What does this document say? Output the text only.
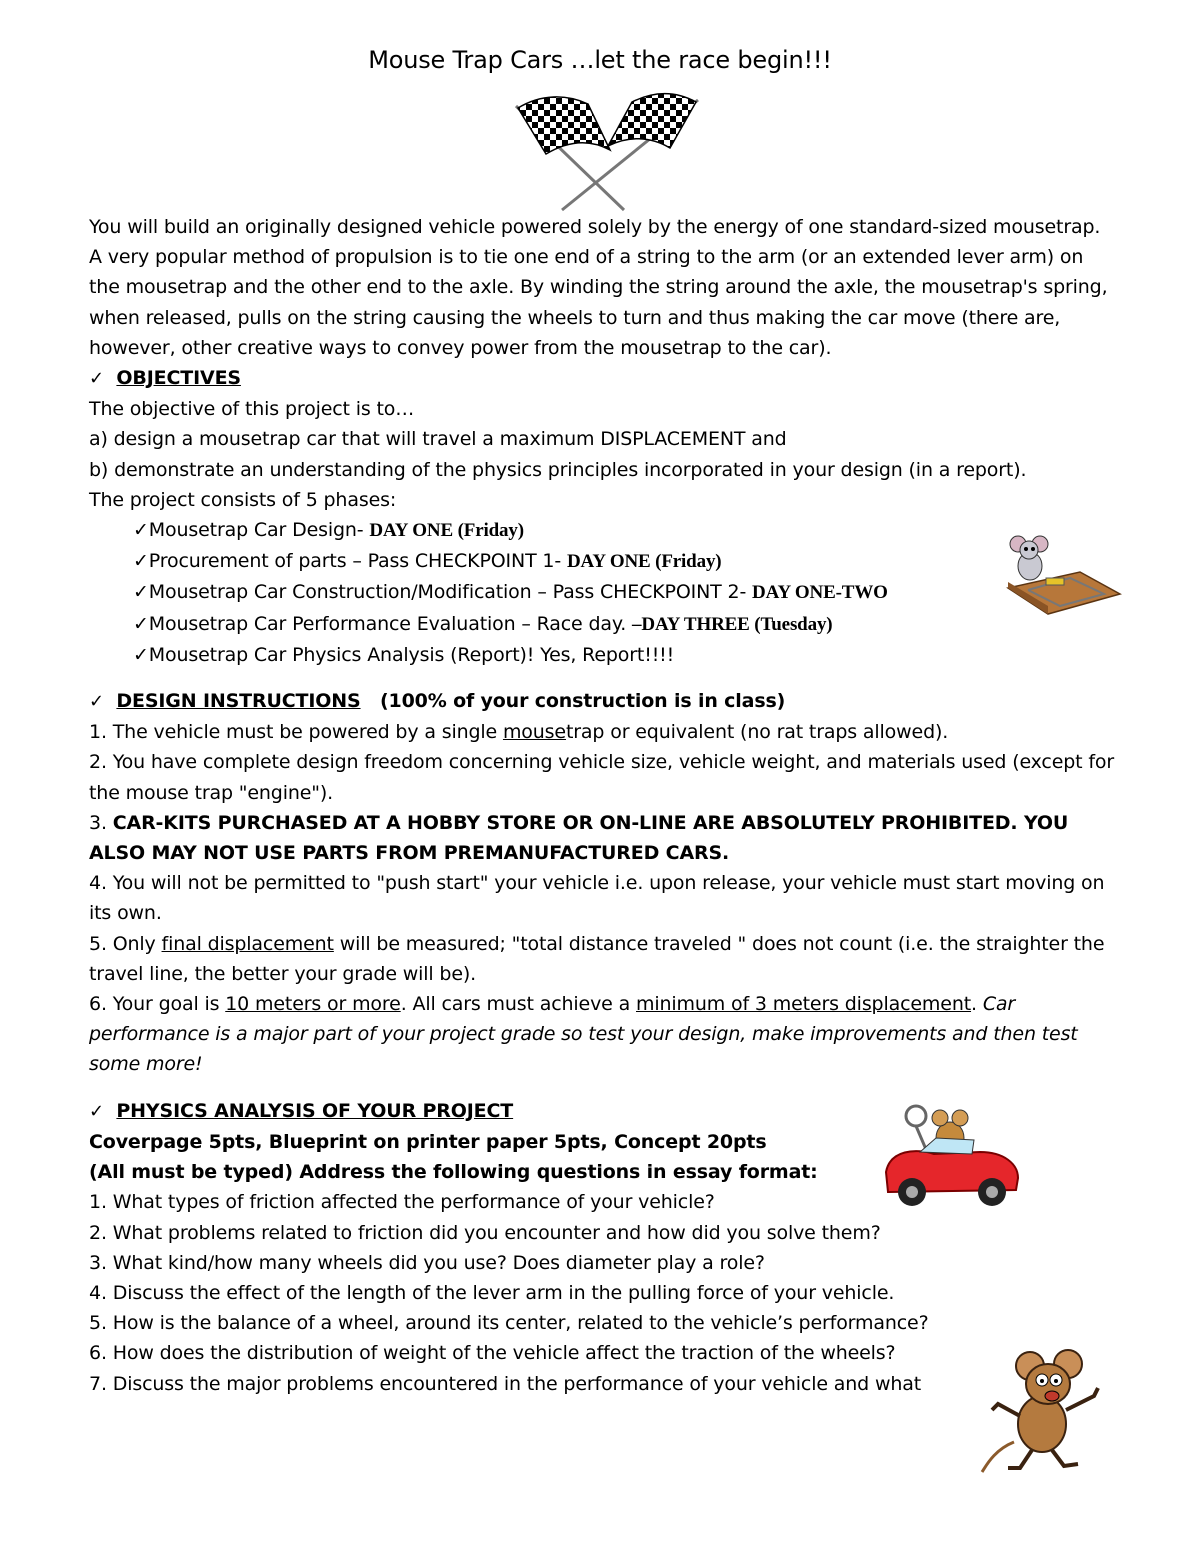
Mouse Trap Cars …let the race begin!!!

You will build an originally designed vehicle powered solely by the energy of one standard-sized mousetrap.

A very popular method of propulsion is to tie one end of a string to the arm (or an extended lever arm) on the mousetrap and the other end to the axle. By winding the string around the axle, the mousetrap's spring, when released, pulls on the string causing the wheels to turn and thus making the car move (there are, however, other creative ways to convey power from the mousetrap to the car).

✓ OBJECTIVES

The objective of this project is to…

a) design a mousetrap car that will travel a maximum DISPLACEMENT and

b) demonstrate an understanding of the physics principles incorporated in your design (in a report).

The project consists of 5 phases:

✓Mousetrap Car Design- DAY ONE (Friday)

✓Procurement of parts – Pass CHECKPOINT 1- DAY ONE (Friday)

✓Mousetrap Car Construction/Modification – Pass CHECKPOINT 2- DAY ONE-TWO

✓Mousetrap Car Performance Evaluation – Race day. –DAY THREE (Tuesday)

✓Mousetrap Car Physics Analysis (Report)! Yes, Report!!!!

✓ DESIGN INSTRUCTIONS (100% of your construction is in class)

1. The vehicle must be powered by a single mousetrap or equivalent (no rat traps allowed).

2. You have complete design freedom concerning vehicle size, vehicle weight, and materials used (except for the mouse trap "engine").

3. CAR-KITS PURCHASED AT A HOBBY STORE OR ON-LINE ARE ABSOLUTELY PROHIBITED. YOU ALSO MAY NOT USE PARTS FROM PREMANUFACTURED CARS.

4. You will not be permitted to "push start" your vehicle i.e. upon release, your vehicle must start moving on its own.

5. Only final displacement will be measured; "total distance traveled " does not count (i.e. the straighter the travel line, the better your grade will be).

6. Your goal is 10 meters or more. All cars must achieve a minimum of 3 meters displacement. Car performance is a major part of your project grade so test your design, make improvements and then test some more!

✓ PHYSICS ANALYSIS OF YOUR PROJECT

Coverpage 5pts, Blueprint on printer paper 5pts, Concept 20pts

(All must be typed) Address the following questions in essay format:

1. What types of friction affected the performance of your vehicle?

2. What problems related to friction did you encounter and how did you solve them?

3. What kind/how many wheels did you use? Does diameter play a role?

4. Discuss the effect of the length of the lever arm in the pulling force of your vehicle.

5. How is the balance of a wheel, around its center, related to the vehicle’s performance?

6. How does the distribution of weight of the vehicle affect the traction of the wheels?

7. Discuss the major problems encountered in the performance of your vehicle and what
